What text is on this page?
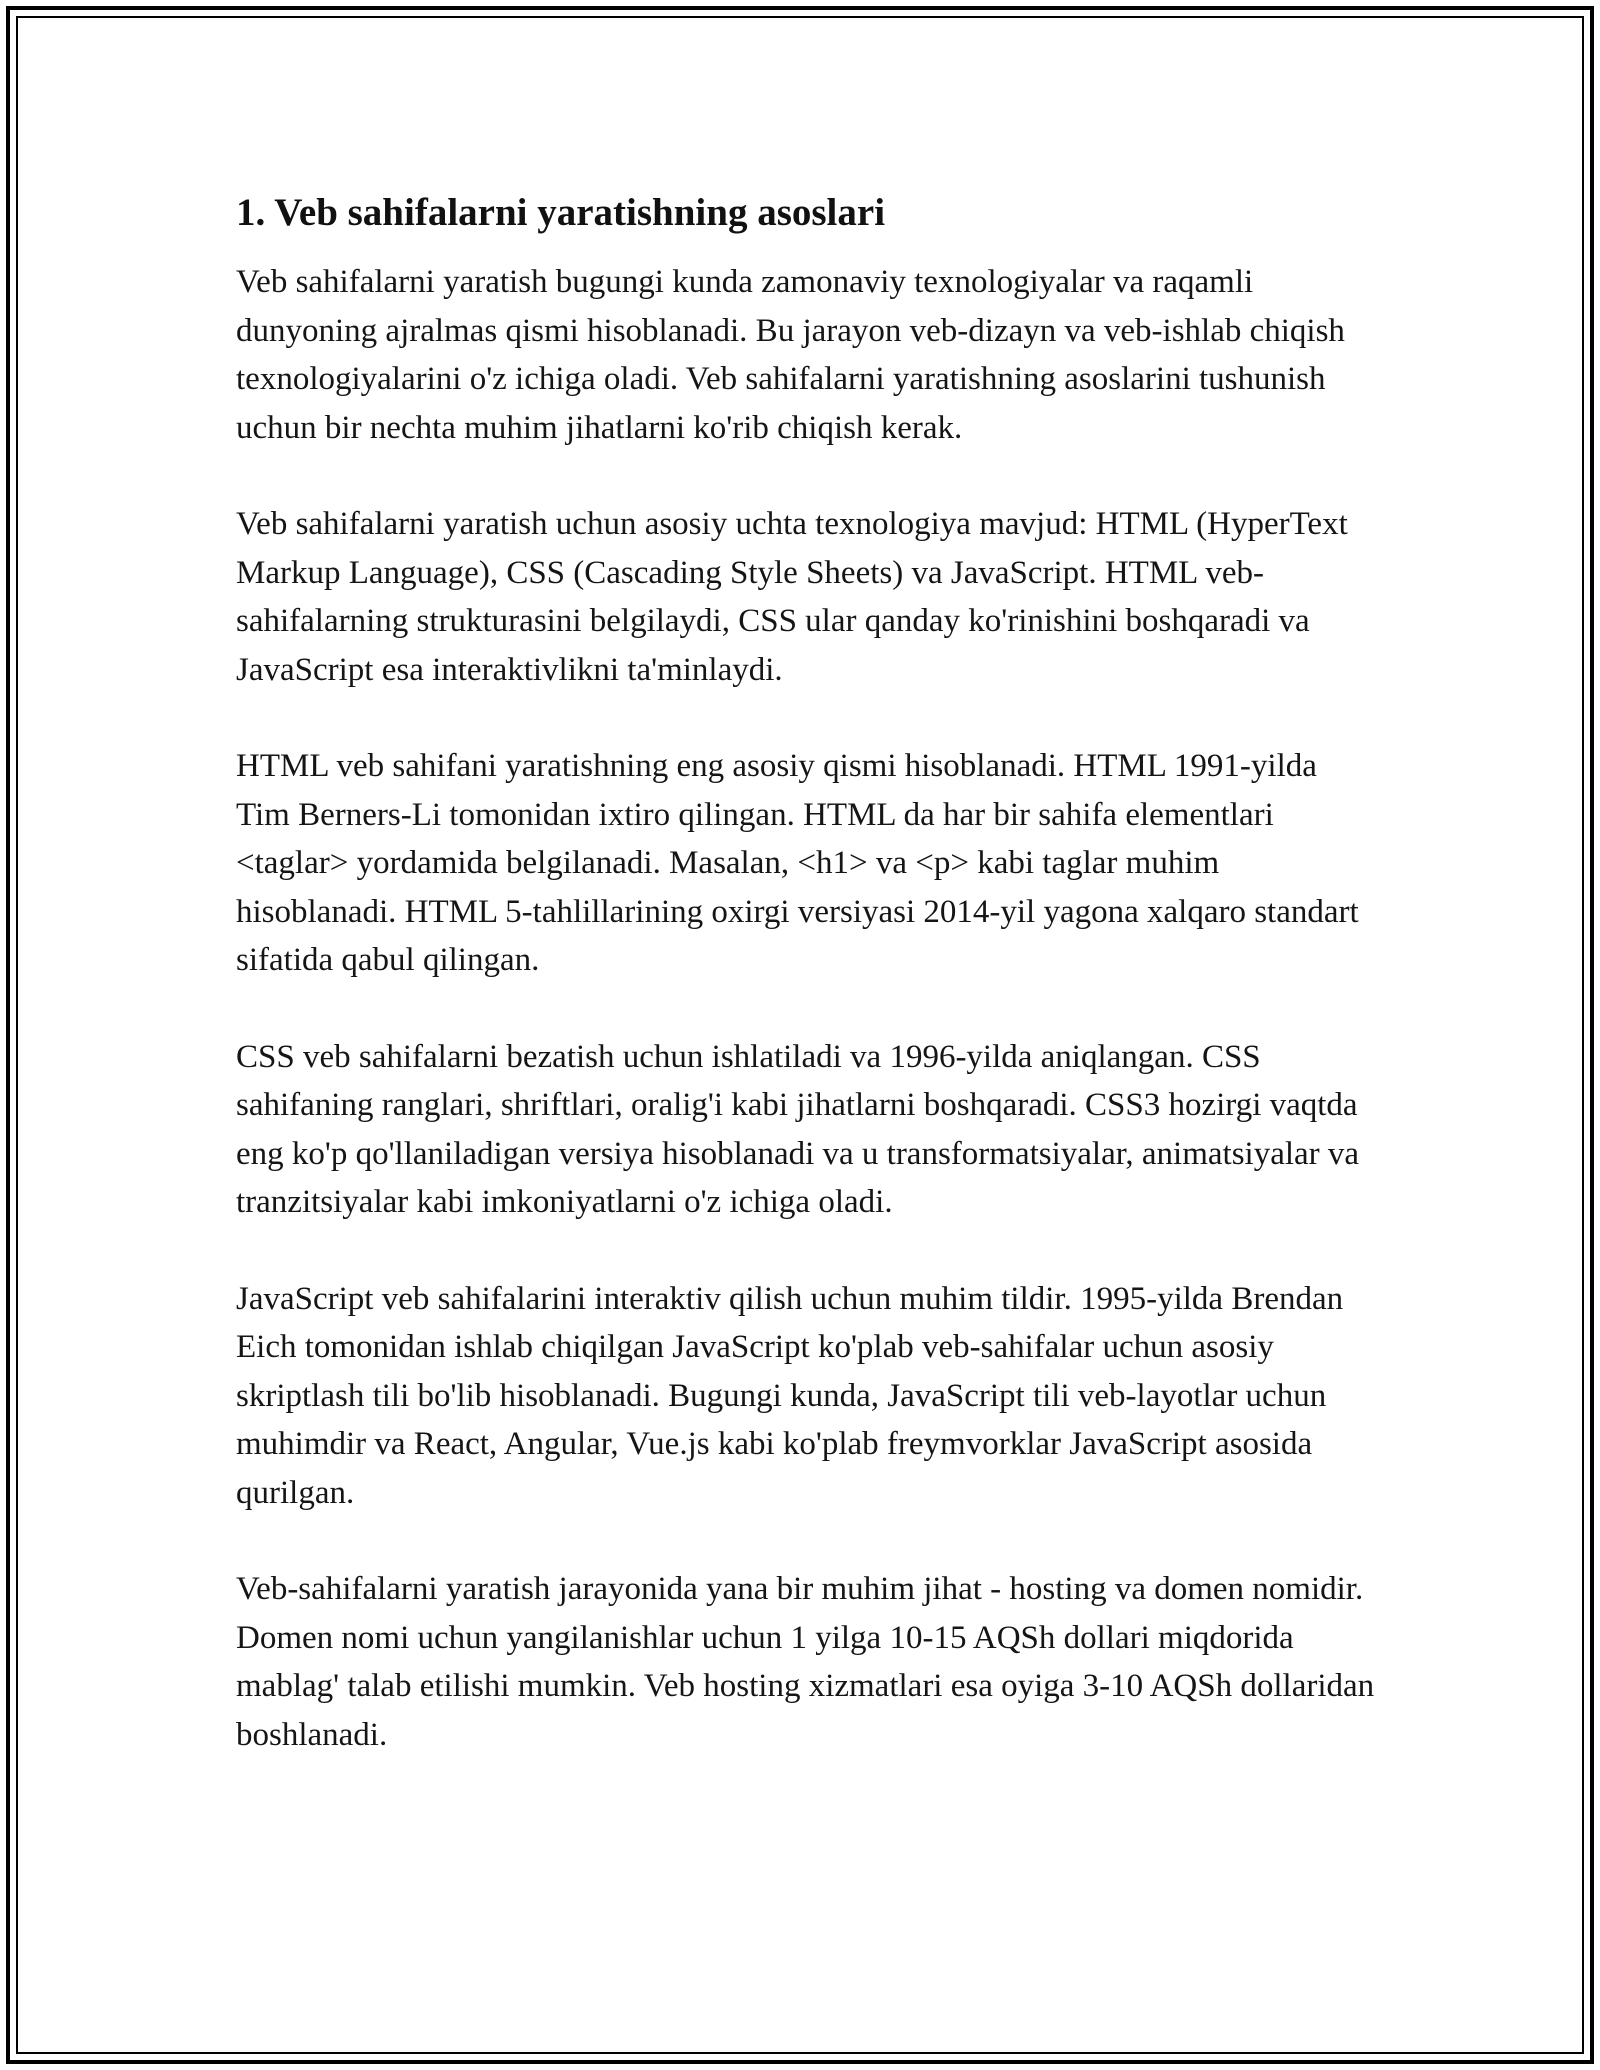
1. Veb sahifalarni yaratishning asoslari

Veb sahifalarni yaratish bugungi kunda zamonaviy texnologiyalar va raqamli dunyoning ajralmas qismi hisoblanadi. Bu jarayon veb-dizayn va veb-ishlab chiqish texnologiyalarini o'z ichiga oladi. Veb sahifalarni yaratishning asoslarini tushunish uchun bir nechta muhim jihatlarni ko'rib chiqish kerak.

Veb sahifalarni yaratish uchun asosiy uchta texnologiya mavjud: HTML (HyperText Markup Language), CSS (Cascading Style Sheets) va JavaScript. HTML veb-sahifalarning strukturasini belgilaydi, CSS ular qanday ko'rinishini boshqaradi va JavaScript esa interaktivlikni ta'minlaydi.

HTML veb sahifani yaratishning eng asosiy qismi hisoblanadi. HTML 1991-yilda Tim Berners-Li tomonidan ixtiro qilingan. HTML da har bir sahifa elementlari <taglar> yordamida belgilanadi. Masalan, <h1> va <p> kabi taglar muhim hisoblanadi. HTML 5-tahlillarining oxirgi versiyasi 2014-yil yagona xalqaro standart sifatida qabul qilingan.

CSS veb sahifalarni bezatish uchun ishlatiladi va 1996-yilda aniqlangan. CSS sahifaning ranglari, shriftlari, oralig'i kabi jihatlarni boshqaradi. CSS3 hozirgi vaqtda eng ko'p qo'llaniladigan versiya hisoblanadi va u transformatsiyalar, animatsiyalar va tranzitsiyalar kabi imkoniyatlarni o'z ichiga oladi.

JavaScript veb sahifalarini interaktiv qilish uchun muhim tildir. 1995-yilda Brendan Eich tomonidan ishlab chiqilgan JavaScript ko'plab veb-sahifalar uchun asosiy skriptlash tili bo'lib hisoblanadi. Bugungi kunda, JavaScript tili veb-layotlar uchun muhimdir va React, Angular, Vue.js kabi ko'plab freymvorklar JavaScript asosida qurilgan.

Veb-sahifalarni yaratish jarayonida yana bir muhim jihat - hosting va domen nomidir. Domen nomi uchun yangilanishlar uchun 1 yilga 10-15 AQSh dollari miqdorida mablag' talab etilishi mumkin. Veb hosting xizmatlari esa oyiga 3-10 AQSh dollaridan boshlanadi.
